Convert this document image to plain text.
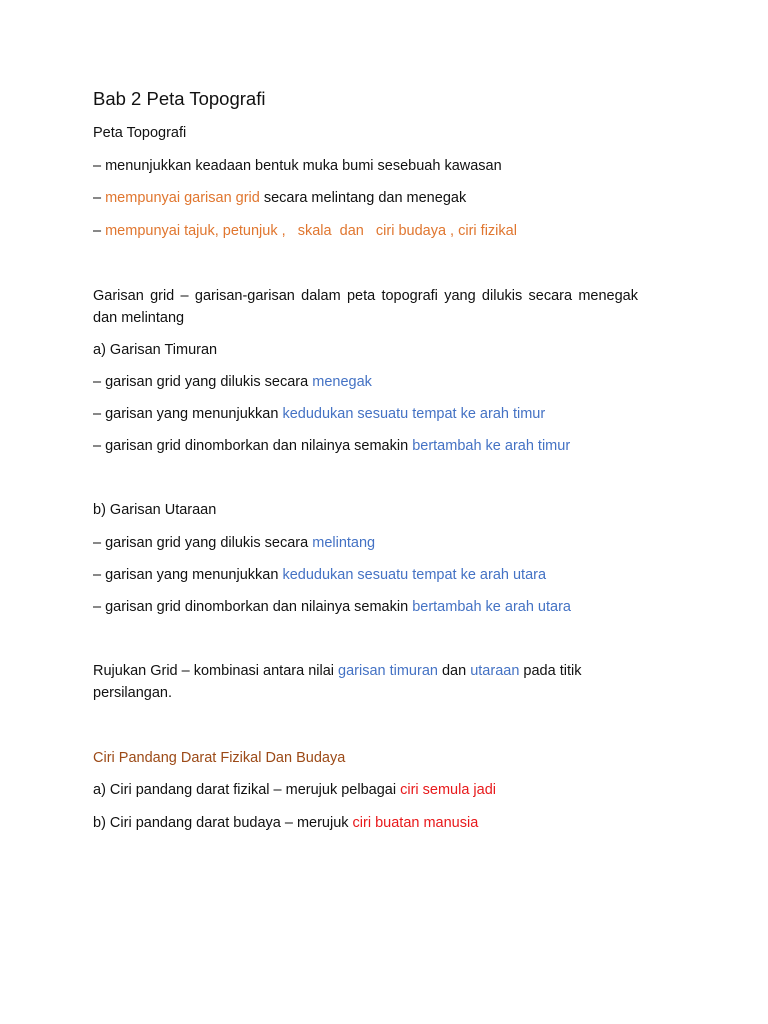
Bab 2 Peta Topografi
Peta Topografi
– menunjukkan keadaan bentuk muka bumi sesebuah kawasan
– mempunyai garisan grid secara melintang dan menegak
– mempunyai tajuk, petunjuk ,   skala  dan   ciri budaya , ciri fizikal
Garisan grid – garisan-garisan dalam peta topografi yang dilukis secara menegak dan melintang
a) Garisan Timuran
– garisan grid yang dilukis secara menegak
– garisan yang menunjukkan kedudukan sesuatu tempat ke arah timur
– garisan grid dinomborkan dan nilainya semakin bertambah ke arah timur
b) Garisan Utaraan
– garisan grid yang dilukis secara melintang
– garisan yang menunjukkan kedudukan sesuatu tempat ke arah utara
– garisan grid dinomborkan dan nilainya semakin bertambah ke arah utara
Rujukan Grid – kombinasi antara nilai garisan timuran dan utaraan pada titik persilangan.
Ciri Pandang Darat Fizikal Dan Budaya
a) Ciri pandang darat fizikal – merujuk pelbagai ciri semula jadi
b) Ciri pandang darat budaya – merujuk ciri buatan manusia
